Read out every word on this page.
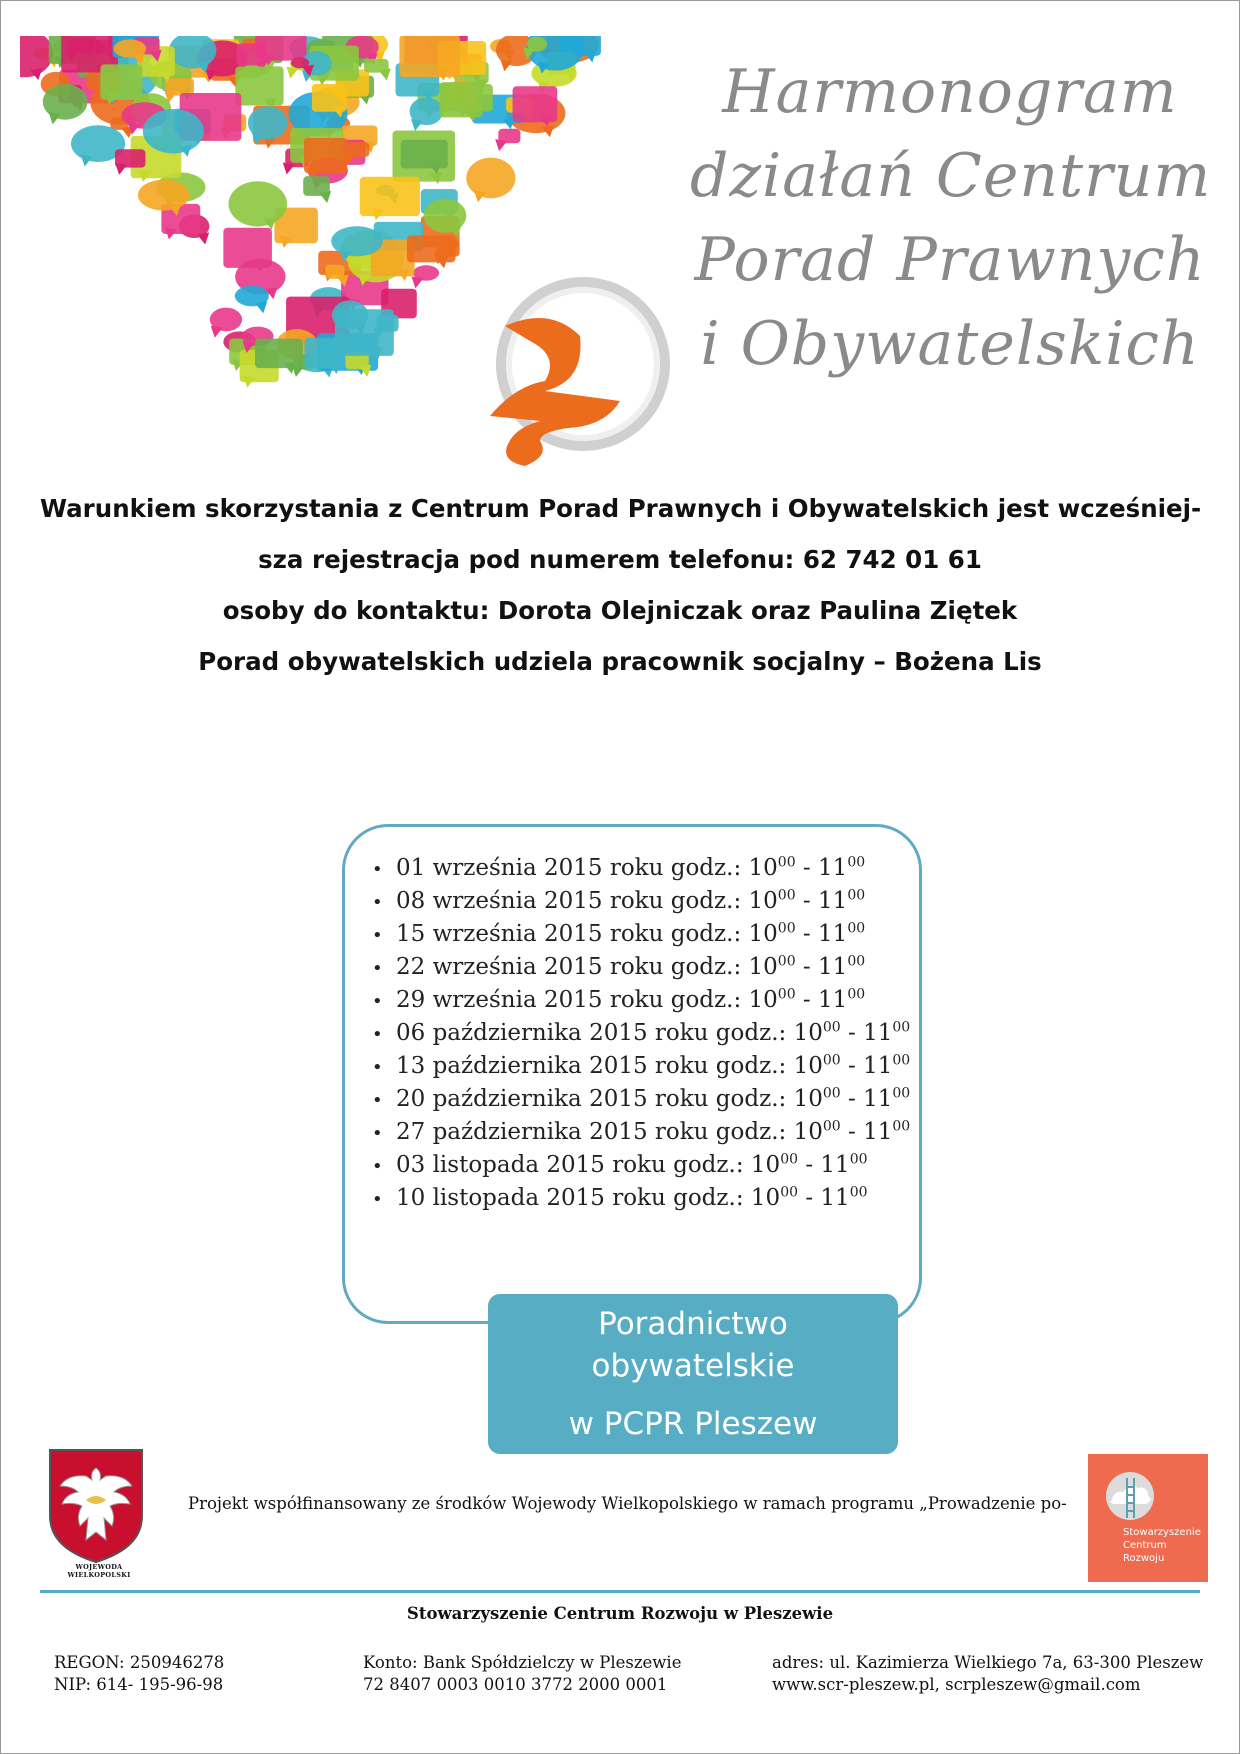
Harmonogram
działań Centrum
Porad Prawnych
i Obywatelskich
Warunkiem skorzystania z Centrum Porad Prawnych i Obywatelskich jest wcześniej-
sza rejestracja pod numerem telefonu: 62 742 01 61
osoby do kontaktu: Dorota Olejniczak oraz Paulina Ziętek
Porad obywatelskich udziela pracownik socjalny – Bożena Lis
• 01 września 2015 roku godz.: $10^{00} - 11^{00}$
• 08 września 2015 roku godz.: $10^{00} - 11^{00}$
• 15 września 2015 roku godz.: $10^{00} - 11^{00}$
• 22 września 2015 roku godz.: $10^{00} - 11^{00}$
• 29 września 2015 roku godz.: $10^{00} - 11^{00}$
• 06 października 2015 roku godz.: $10^{00} - 11^{00}$
• 13 października 2015 roku godz.: $10^{00} - 11^{00}$
• 20 października 2015 roku godz.: $10^{00} - 11^{00}$
• 27 października 2015 roku godz.: $10^{00} - 11^{00}$
• 03 listopada 2015 roku godz.: $10^{00} - 11^{00}$
• 10 listopada 2015 roku godz.: $10^{00} - 11^{00}$
Poradnictwo
obywatelskie
w PCPR Pleszew
WOJEWODA WIELKOPOLSKI
Projekt współfinansowany ze środków Wojewody Wielkopolskiego w ramach programu „Prowadzenie po-
Stowarzyszenie
Centrum
Rozwoju
Stowarzyszenie Centrum Rozwoju w Pleszewie
REGON: 250946278
NIP: 614- 195-96-98
Konto: Bank Spółdzielczy w Pleszewie
72 8407 0003 0010 3772 2000 0001
adres: ul. Kazimierza Wielkiego 7a, 63-300 Pleszew
www.scr-pleszew.pl, scrpleszew@gmail.com
